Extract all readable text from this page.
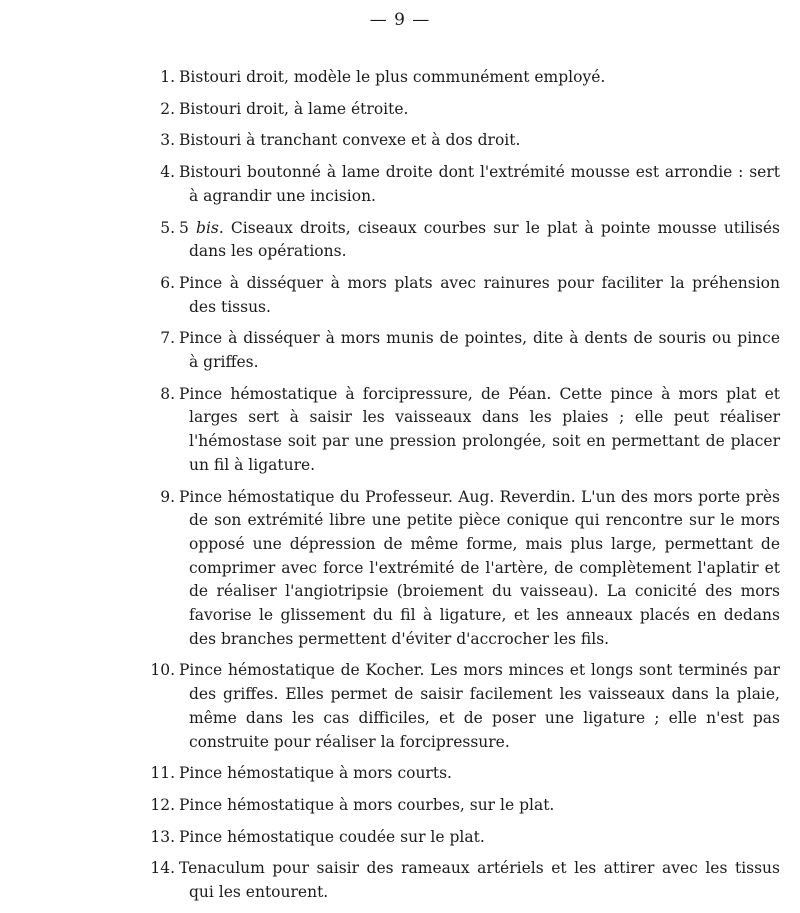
— 9 —
1. Bistouri droit, modèle le plus communément employé.
2. Bistouri droit, à lame étroite.
3. Bistouri à tranchant convexe et à dos droit.
4. Bistouri boutonné à lame droite dont l'extrémité mousse est arrondie : sert à agrandir une incision.
5. 5 bis. Ciseaux droits, ciseaux courbes sur le plat à pointe mousse utilisés dans les opérations.
6. Pince à disséquer à mors plats avec rainures pour faciliter la préhension des tissus.
7. Pince à disséquer à mors munis de pointes, dite à dents de souris ou pince à griffes.
8. Pince hémostatique à forcipressure, de Péan. Cette pince à mors plat et larges sert à saisir les vaisseaux dans les plaies ; elle peut réaliser l'hémostase soit par une pression prolongée, soit en permettant de placer un fil à ligature.
9. Pince hémostatique du Professeur. Aug. Reverdin. L'un des mors porte près de son extrémité libre une petite pièce conique qui rencontre sur le mors opposé une dépression de même forme, mais plus large, permettant de comprimer avec force l'extrémité de l'artère, de complètement l'aplatir et de réaliser l'angiotripsie (broiement du vaisseau). La conicité des mors favorise le glissement du fil à ligature, et les anneaux placés en dedans des branches permettent d'éviter d'accrocher les fils.
10. Pince hémostatique de Kocher. Les mors minces et longs sont terminés par des griffes. Elles permet de saisir facilement les vaisseaux dans la plaie, même dans les cas difficiles, et de poser une ligature ; elle n'est pas construite pour réaliser la forcipressure.
11. Pince hémostatique à mors courts.
12. Pince hémostatique à mors courbes, sur le plat.
13. Pince hémostatique coudée sur le plat.
14. Tenaculum pour saisir des rameaux artériels et les attirer avec les tissus qui les entourent.
